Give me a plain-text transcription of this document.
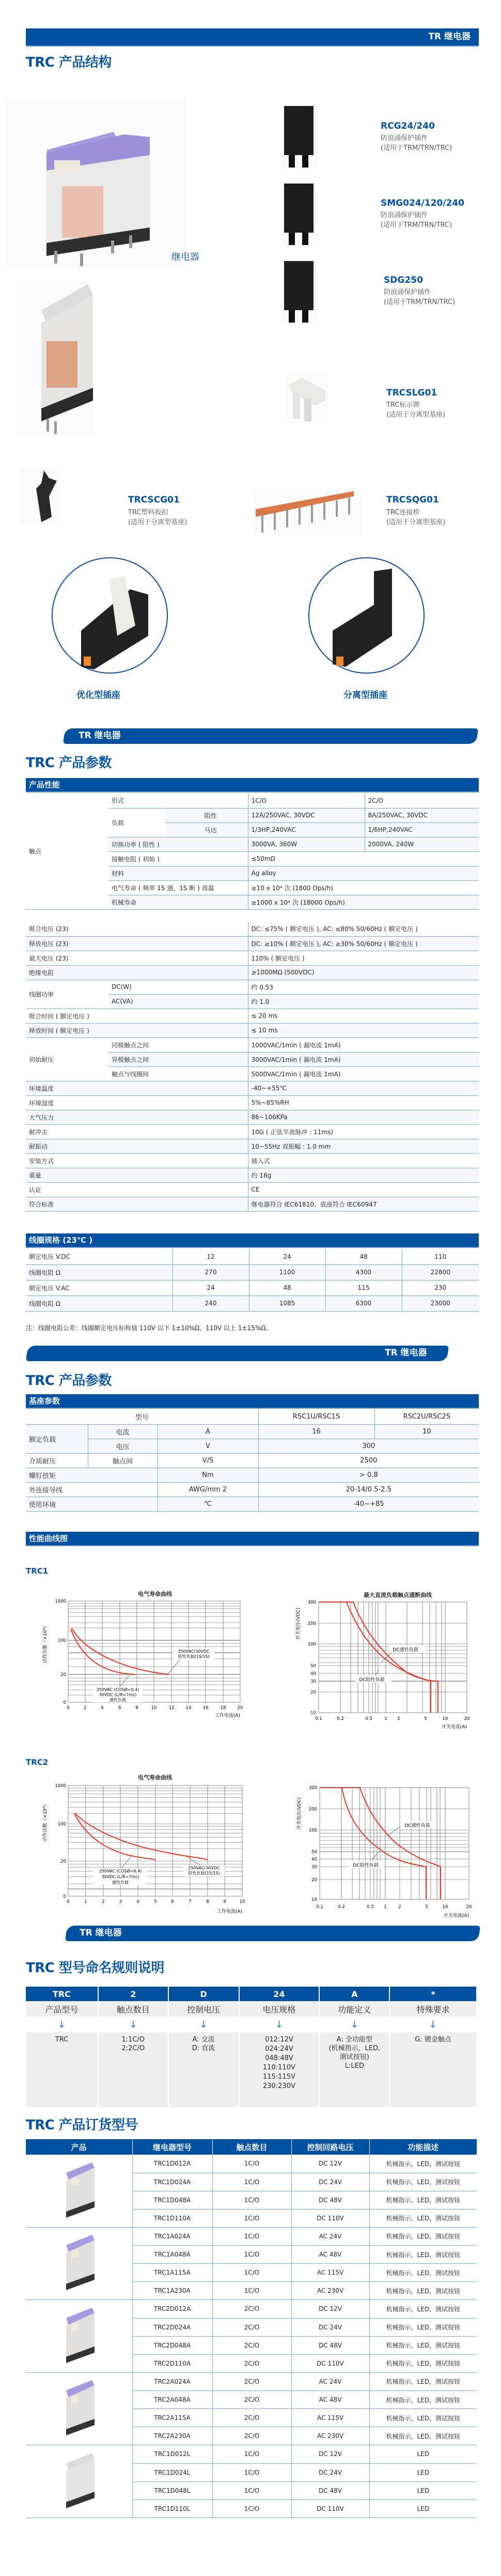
TR 继电器
TRC 产品结构
继电器
RCG24/240
防浪涌保护插件
(适用于TRM/TRN/TRC)
SMG024/120/240
防浪涌保护插件
(适用于TRM/TRN/TRC)
SDG250
防浪涌保护插件
(适用于TRM/TRN/TRC)
TRCSLG01
TRC标示牌
(适用于分离型基座)
TRCSCG01
TRC塑料扳扣
(适用于分离型基座)
TRCSQG01
TRC连接桥
(适用于分离型基座)
优化型插座	分离型插座
TR 继电器
TRC 产品参数
产品性能
触点	形式		1C/O	2C/O
	负载	阻性	12A/250VAC, 30VDC	8A/250VAC, 30VDC
		马达	1/3HP,240VAC	1/6HP,240VAC
	切换功率 ( 阻性 )		3000VA, 360W	2000VA, 240W
	接触电阻 ( 初始 )		≤50mΩ	
	材料		Ag alloy	
	电气寿命 ( 频率 1S 通，1S 断 ) 高温		≥10 x 10⁴ 次 (1800 Ops/h)	
	机械寿命		≥1000 x 10⁴ 次 (18000 Ops/h)	
吸合电压 (23)		DC: ≤75% ( 额定电压 ), AC: ≤80% 50/60Hz ( 额定电压 )
释放电压 (23)		DC: ≥10% ( 额定电压 ), AC: ≥30% 50/60Hz ( 额定电压 )
最大电压 (23)		110% ( 额定电压 )
绝缘电阻		≥1000MΩ (500VDC)
线圈功率	DC(W)	约 0.53
	AC(VA)	约 1.0
吸合时间 ( 额定电压 )		≤ 20 ms
释放时间 ( 额定电压 )		≤ 10 ms
初始耐压	同极触点之间	1000VAC/1min ( 漏电流 1mA)
	异极触点之间	3000VAC/1min ( 漏电流 1mA)
	触点与线圈间	5000VAC/1min ( 漏电流 1mA)
环境温度		-40~+55℃
环境湿度		5%~85%RH
大气压力		86~106KPa
耐冲击		10G ( 正弦半波脉冲 : 11ms)
耐振动		10~55Hz 双振幅 : 1.0 mm
安装方式		插入式
重量		约 18g
认证		CE
符合标准		继电器符合 IEC61810、底座符合 IEC60947
线圈规格 (23℃ )
额定电压 V.DC	12	24	48	110
线圈电阻 Ω	270	1100	4300	22800
额定电压 V.AC	24	48	115	230
线圈电阻 Ω	240	1085	6300	23000
注：线圈电阻公差：线圈额定电压标称值 110V 以下 1±10%Ω，110V 以上 1±15%Ω。
TR 继电器
TRC 产品参数
基座参数
型号			RSC1U/RSC1S	RSC2U/RSC2S
额定负载	电流	A	16	10
	电压	V	300	
介质耐压	触点间	V/S	2500	
螺钉扭矩		Nm	> 0.8	
外连接导线		AWG/mm 2	20-14/0.5-2.5	
使用环境		℃	-40~+85	
性能曲线图
TRC1
TRC2
电气寿命曲线
250VAC/30VDC
阻性负载(1S/1S)
250VAC (COSØ=0.4)
30VDC (L/R=7ms)
感性负载
1000
100
20
0
0	2	4	6	8	10	12	14	16	18	20
工作电流(A)
动作次数（×10⁴）
最大直流负载触点通断曲线
DC感性负载
DC阻性负载
300
200
100
50
40
30
20
10
0.1	0.2	0.5	1 2	5	10	20
开关电流(A)
开关电压(VDC)
电气寿命曲线
250VAC (COSØ=0.4)
30VDC (L/R=7ms)
感性负载
250VAC/30VDC
阻性负载(1S/1S)
1000
100
20
0
0	1	2	3	4	5	6	7	8	9	10
工作电流(A)
动作次数（×10⁴）	DC感性负载
DC阻性负载
300
200
100
50
40
30
20
10
0.1	0.2	0.5 1	2	5	10	20
开关电流(A)
开关电压(VDC)
TR 继电器
TRC 型号命名规则说明
TRC	2	D	24	A	*
产品型号	触点数目	控制电压	电压规格	功能定义	特殊要求
↓	↓	↓	↓	↓	↓

TRC	1:1C/O
2:2C/O

A: 交流
D: 直流

012:12V
024:24V
048:48V
110:110V
115:115V
230:230V

A: 全功能型
(机械指示，LED,
测试按钮)
L:LED

G: 镀金触点
TRC 产品订货型号
产品	继电器型号	触点数目	控制回路电压	功能描述
	TRC1D012A	1C/O	DC 12V	机械指示，LED，测试按钮
	TRC1D024A	1C/O	DC 24V	机械指示，LED，测试按钮
	TRC1D048A	1C/O	DC 48V	机械指示，LED，测试按钮
	TRC1D110A	1C/O	DC 110V	机械指示，LED，测试按钮
	TRC1A024A	1C/O	AC 24V	机械指示，LED，测试按钮
	TRC1A048A	1C/O	AC 48V	机械指示，LED，测试按钮
	TRC1A115A	1C/O	AC 115V	机械指示，LED，测试按钮
	TRC1A230A	1C/O	AC 230V	机械指示，LED，测试按钮
	TRC2D012A	2C/O	DC 12V	机械指示，LED，测试按钮
	TRC2D024A	2C/O	DC 24V	机械指示，LED，测试按钮
	TRC2D048A	2C/O	DC 48V	机械指示，LED，测试按钮
	TRC2D110A	2C/O	DC 110V	机械指示，LED，测试按钮
	TRC2A024A	2C/O	AC 24V	机械指示，LED，测试按钮
	TRC2A048A	2C/O	AC 48V	机械指示，LED，测试按钮
	TRC2A115A	2C/O	AC 115V	机械指示，LED，测试按钮
	TRC2A230A	2C/O	AC 230V	机械指示，LED，测试按钮
	TRC1D012L	1C/O	DC 12V	LED
	TRC1D024L	1C/O	DC 24V	LED
	TRC1D048L	1C/O	DC 48V	LED
	TRC1D110L	1C/O	DC 110V	LED
